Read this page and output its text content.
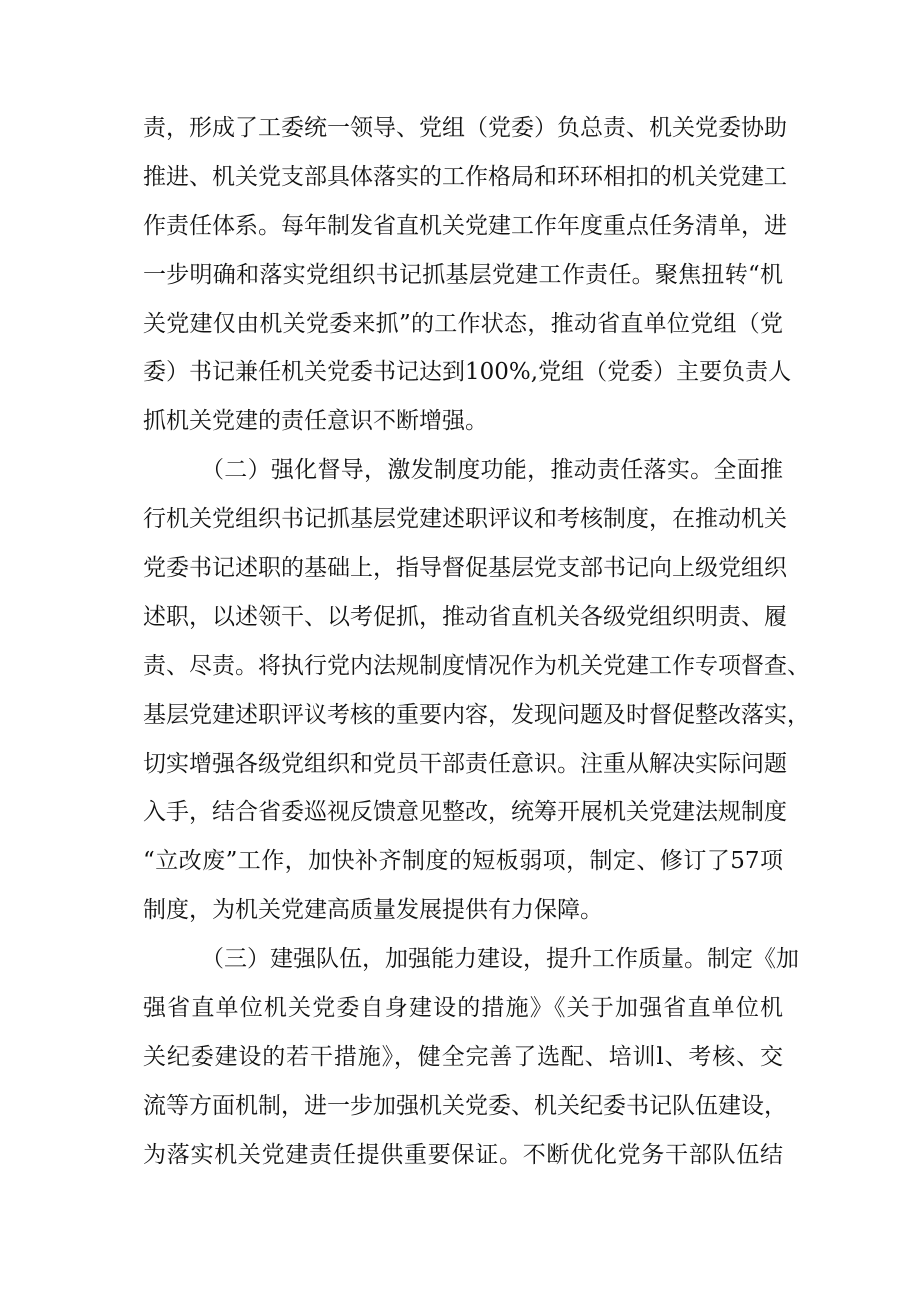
责，形成了工委统一领导、党组（党委）负总责、机关党委协助
推进、机关党支部具体落实的工作格局和环环相扣的机关党建工
作责任体系。每年制发省直机关党建工作年度重点任务清单，进
一步明确和落实党组织书记抓基层党建工作责任。聚焦扭转“机
关党建仅由机关党委来抓”的工作状态，推动省直单位党组（党
委）书记兼任机关党委书记达到100%,党组（党委）主要负责人
抓机关党建的责任意识不断增强。
（二）强化督导，激发制度功能，推动责任落实。全面推
行机关党组织书记抓基层党建述职评议和考核制度，在推动机关
党委书记述职的基础上，指导督促基层党支部书记向上级党组织
述职，以述领干、以考促抓，推动省直机关各级党组织明责、履
责、尽责。将执行党内法规制度情况作为机关党建工作专项督查、
基层党建述职评议考核的重要内容，发现问题及时督促整改落实，
切实增强各级党组织和党员干部责任意识。注重从解决实际问题
入手，结合省委巡视反馈意见整改，统筹开展机关党建法规制度
“立改废”工作，加快补齐制度的短板弱项，制定、修订了57项
制度，为机关党建高质量发展提供有力保障。
（三）建强队伍，加强能力建设，提升工作质量。制定《加
强省直单位机关党委自身建设的措施》《关于加强省直单位机
关纪委建设的若干措施》，健全完善了选配、培训l、考核、交
流等方面机制，进一步加强机关党委、机关纪委书记队伍建设，
为落实机关党建责任提供重要保证。不断优化党务干部队伍结
